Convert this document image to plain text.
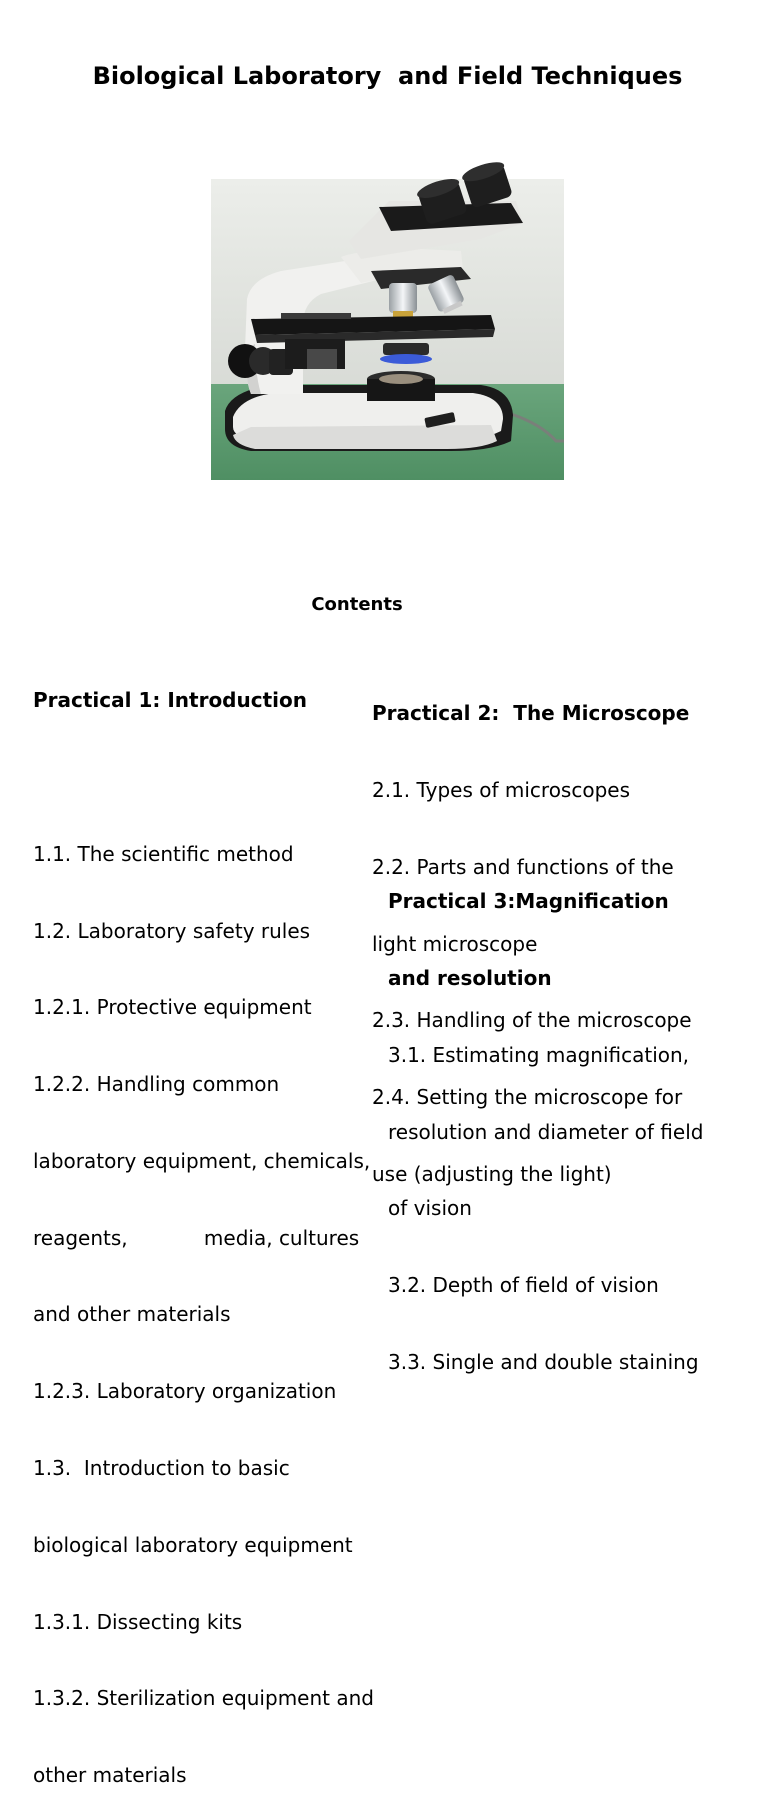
Biological Laboratory  and Field Techniques
Contents

Practical 1: Introduction

1.1. The scientific method

1.2. Laboratory safety rules

1.2.1. Protective equipment

1.2.2. Handling common

laboratory equipment, chemicals,

reagents,            media, cultures

and other materials

1.2.3. Laboratory organization

1.3.  Introduction to basic

biological laboratory equipment

1.3.1. Dissecting kits

1.3.2. Sterilization equipment and

other materials

Practical 2:  The Microscope

2.1. Types of microscopes

2.2. Parts and functions of the

light microscope

2.3. Handling of the microscope

2.4. Setting the microscope for

use (adjusting the light)

Practical 3:Magnification

and resolution

3.1. Estimating magnification,

resolution and diameter of field

of vision

3.2. Depth of field of vision

3.3. Single and double staining
